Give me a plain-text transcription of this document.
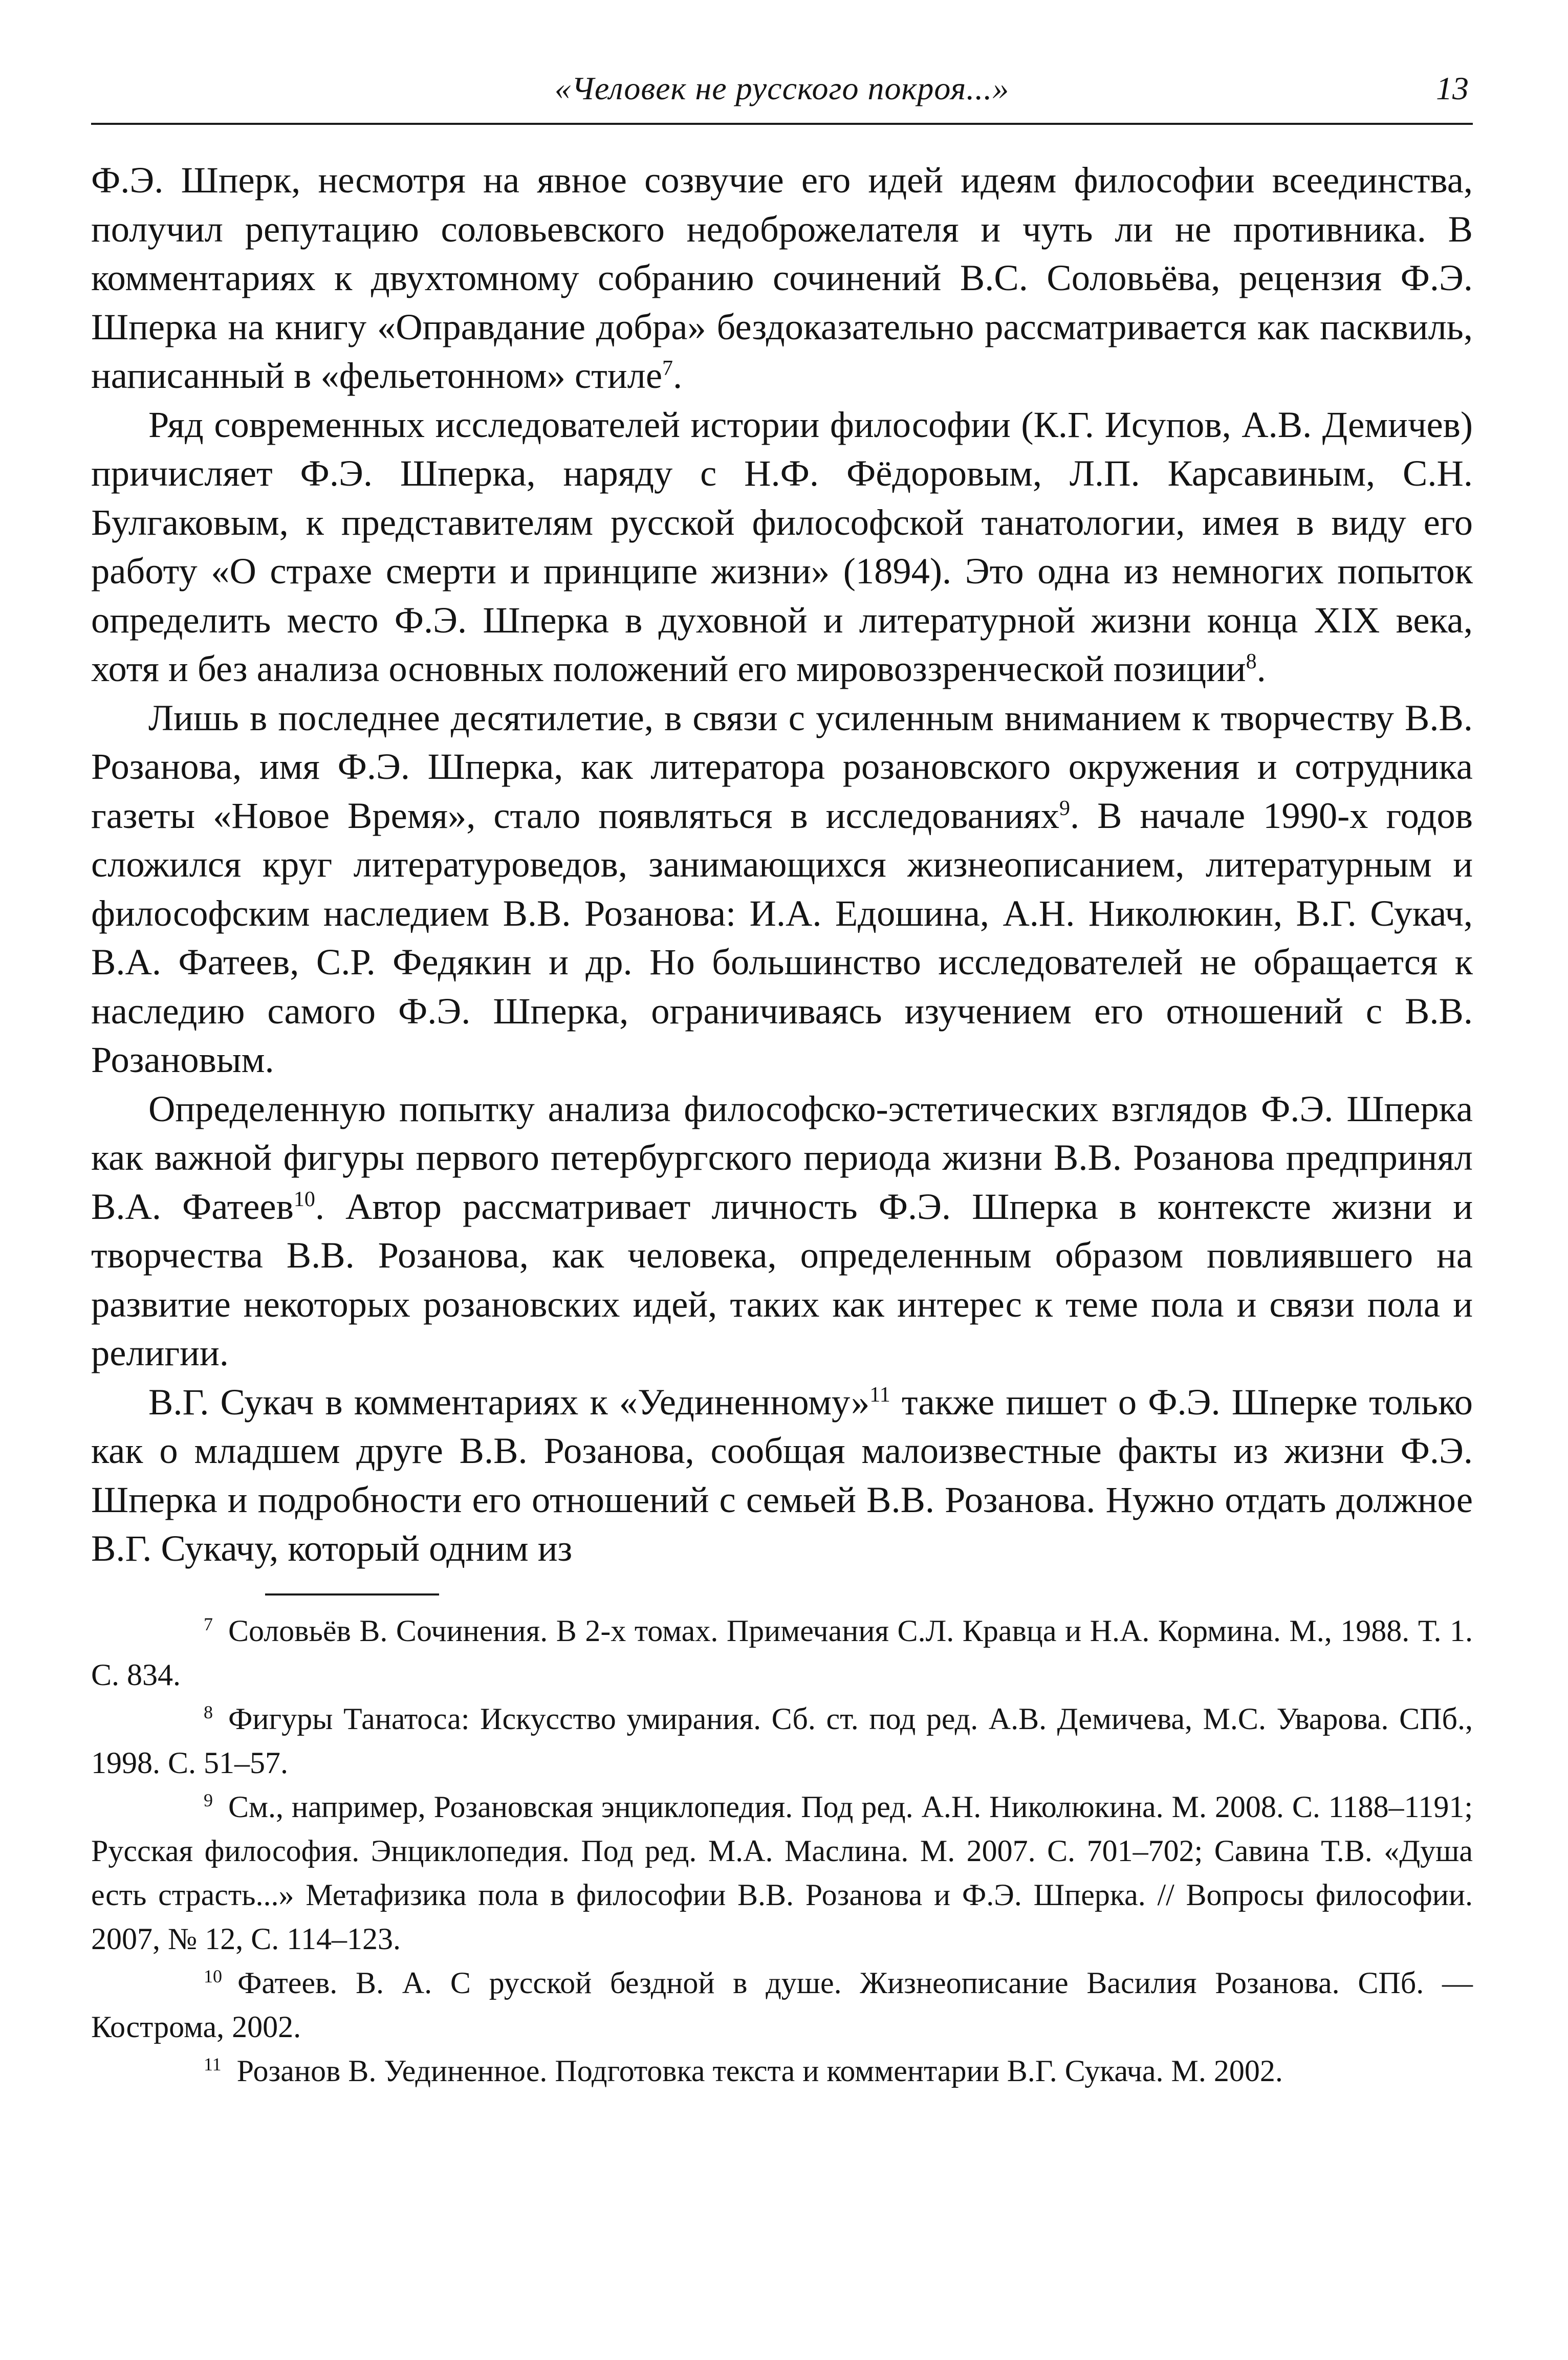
«Человек не русского покроя...»	13

Ф.Э. Шперк, несмотря на явное созвучие его идей идеям философии всеединства, получил репутацию соловьевского недоброжелателя и чуть ли не противника. В комментариях к двухтомному собранию сочинений В.С. Соловьёва, рецензия Ф.Э. Шперка на книгу «Оправдание добра» бездоказательно рассматривается как пасквиль, написанный в «фельетонном» стиле$^7$.

Ряд современных исследователей истории философии (К.Г. Исупов, А.В. Демичев) причисляет Ф.Э. Шперка, наряду с Н.Ф. Фёдоровым, Л.П. Карсавиным, С.Н. Булгаковым, к представителям русской философской танатологии, имея в виду его работу «О страхе смерти и принципе жизни» (1894). Это одна из немногих попыток определить место Ф.Э. Шперка в духовной и литературной жизни конца XIX века, хотя и без анализа основных положений его мировоззренческой позиции$^8$.

Лишь в последнее десятилетие, в связи с усиленным вниманием к творчеству В.В. Розанова, имя Ф.Э. Шперка, как литератора розановского окружения и сотрудника газеты «Новое Время», стало появляться в исследованиях$^9$. В начале 1990-х годов сложился круг литературоведов, занимающихся жизнеописанием, литературным и философским наследием В.В. Розанова: И.А. Едошина, А.Н. Николюкин, В.Г. Сукач, В.А. Фатеев, С.Р. Федякин и др. Но большинство исследователей не обращается к наследию самого Ф.Э. Шперка, ограничиваясь изучением его отношений с В.В. Розановым.

Определенную попытку анализа философско-эстетических взглядов Ф.Э. Шперка как важной фигуры первого петербургского периода жизни В.В. Розанова предпринял В.А. Фатеев$^{10}$. Автор рассматривает личность Ф.Э. Шперка в контексте жизни и творчества В.В. Розанова, как человека, определенным образом повлиявшего на развитие некоторых розановских идей, таких как интерес к теме пола и связи пола и религии.

В.Г. Сукач в комментариях к «Уединенному»$^{11}$ также пишет о Ф.Э. Шперке только как о младшем друге В.В. Розанова, сообщая малоизвестные факты из жизни Ф.Э. Шперка и подробности его отношений с семьей В.В. Розанова. Нужно отдать должное В.Г. Сукачу, который одним из

7 Соловьёв В. Сочинения. В 2-х томах. Примечания С.Л. Кравца и Н.А. Кормина. М., 1988. Т. 1. С. 834.

8 Фигуры Танатоса: Искусство умирания. Сб. ст. под ред. А.В. Демичева, М.С. Уварова. СПб., 1998. С. 51–57.

9 См., например, Розановская энциклопедия. Под ред. А.Н. Николюкина. М. 2008. С. 1188–1191; Русская философия. Энциклопедия. Под ред. М.А. Маслина. М. 2007. С. 701–702; Савина Т.В. «Душа есть страсть...» Метафизика пола в философии В.В. Розанова и Ф.Э. Шперка. // Вопросы философии. 2007, № 12, С. 114–123.

10 Фатеев. В. А. С русской бездной в душе. Жизнеописание Василия Розанова. СПб. — Кострома, 2002.

11 Розанов В. Уединенное. Подготовка текста и комментарии В.Г. Сукача. М. 2002.
